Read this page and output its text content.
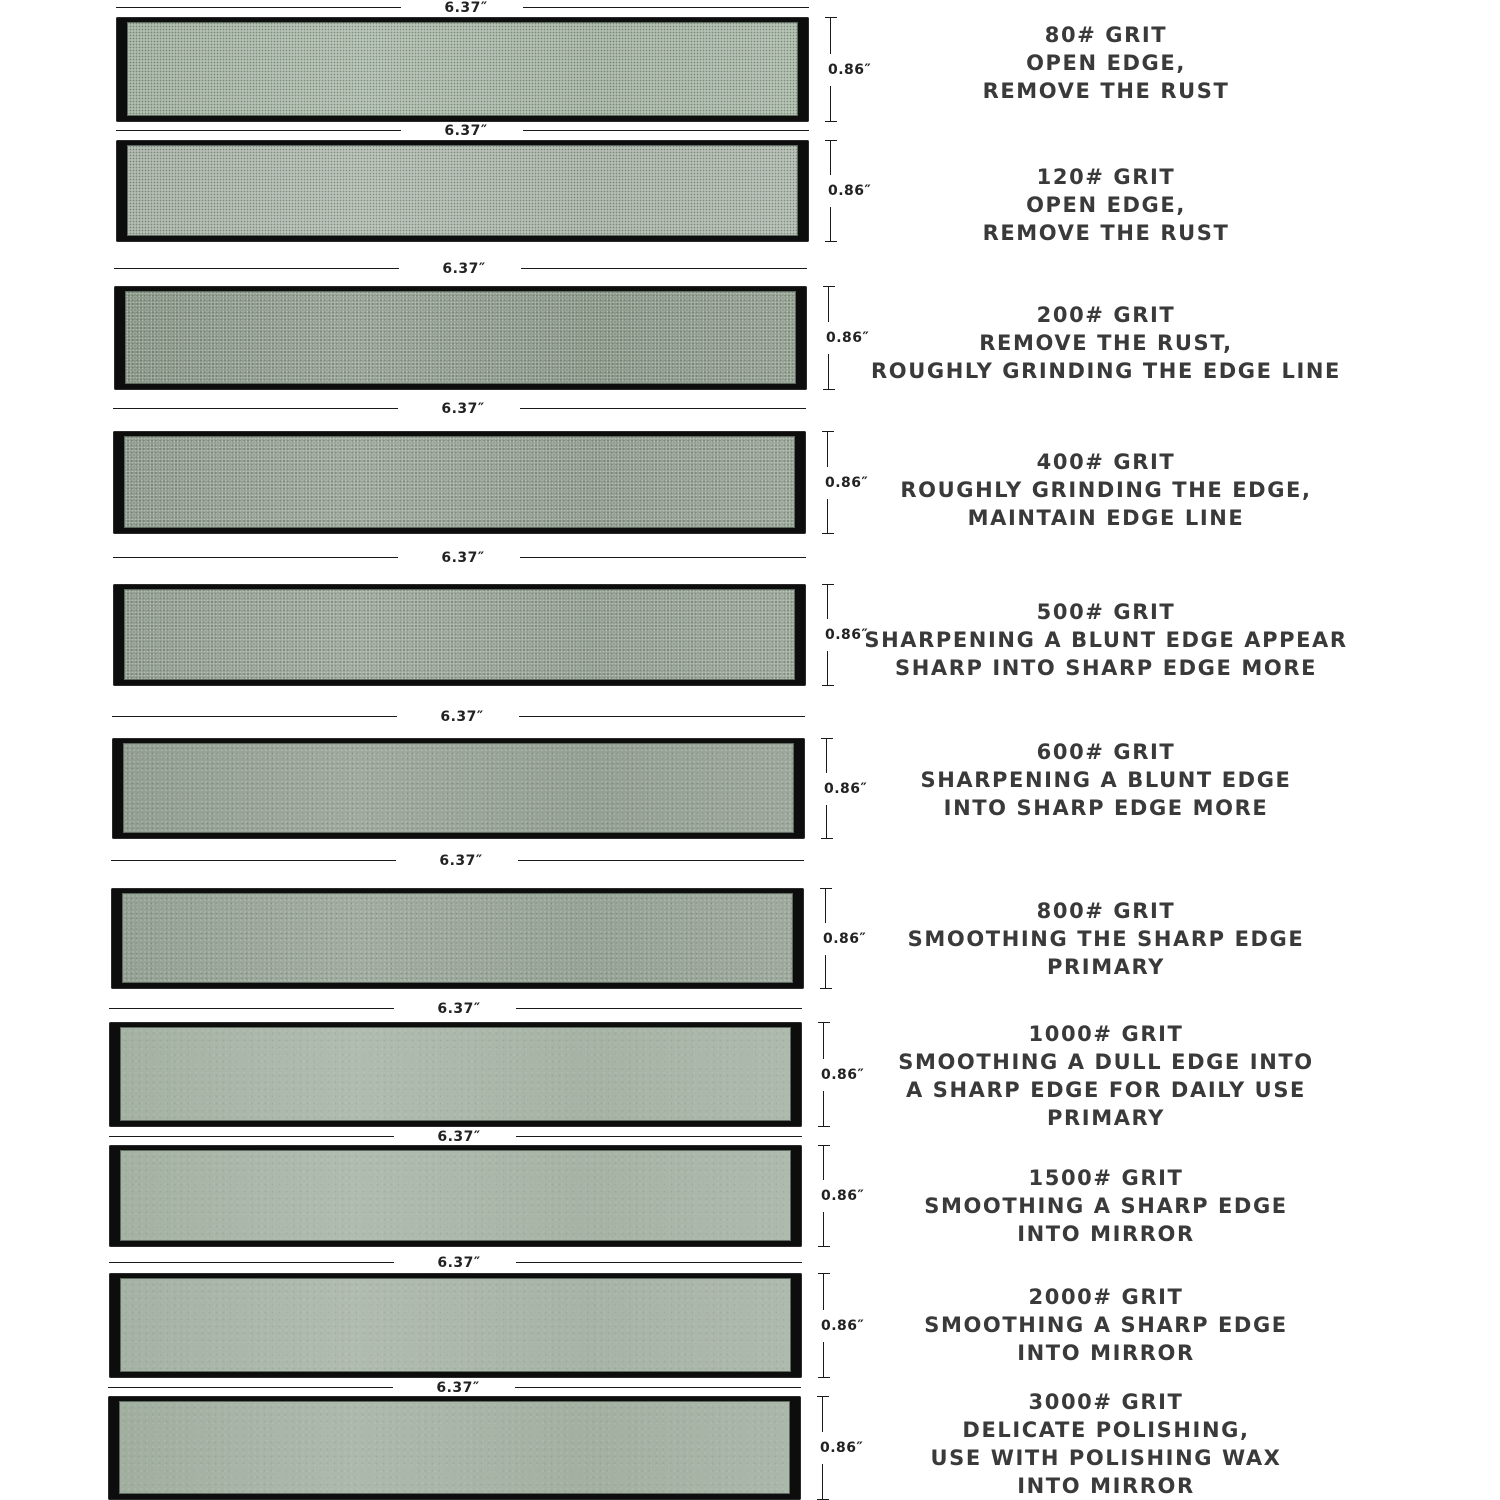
6.37″
0.86″
80# GRIT
OPEN EDGE,
REMOVE THE RUST
6.37″
0.86″
120# GRIT
OPEN EDGE,
REMOVE THE RUST
6.37″
0.86″
200# GRIT
REMOVE THE RUST,
ROUGHLY GRINDING THE EDGE LINE
6.37″
0.86″
400# GRIT
ROUGHLY GRINDING THE EDGE,
MAINTAIN EDGE LINE
6.37″
0.86″
500# GRIT
SHARPENING A BLUNT EDGE APPEAR
SHARP INTO SHARP EDGE MORE
6.37″
0.86″
600# GRIT
SHARPENING A BLUNT EDGE
INTO SHARP EDGE MORE
6.37″
0.86″
800# GRIT
SMOOTHING THE SHARP EDGE
PRIMARY
6.37″
0.86″
1000# GRIT
SMOOTHING A DULL EDGE INTO
A SHARP EDGE FOR DAILY USE
PRIMARY
6.37″
0.86″
1500# GRIT
SMOOTHING A SHARP EDGE
INTO MIRROR
6.37″
0.86″
2000# GRIT
SMOOTHING A SHARP EDGE
INTO MIRROR
6.37″
0.86″
3000# GRIT
DELICATE POLISHING,
USE WITH POLISHING WAX
INTO MIRROR
